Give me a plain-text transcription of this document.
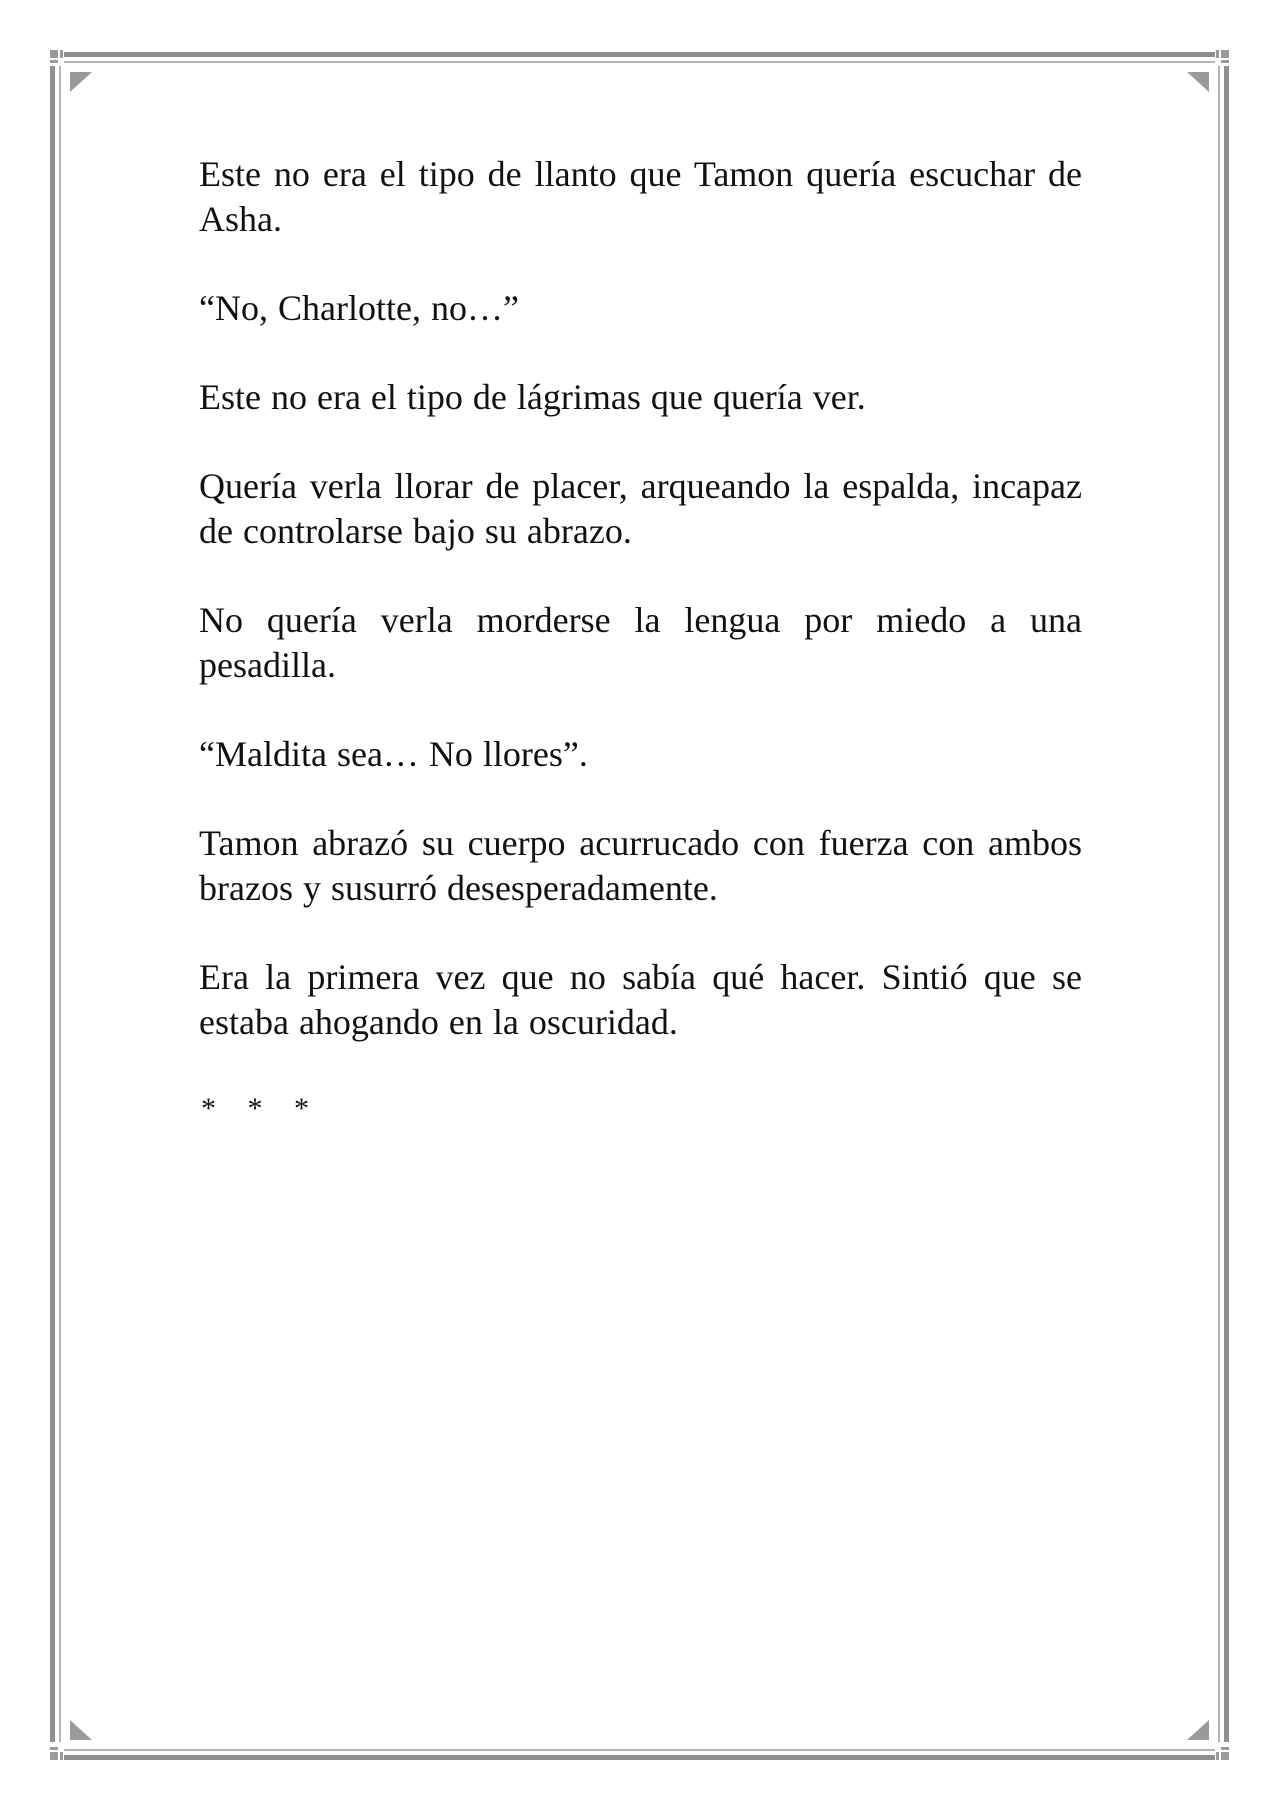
Este no era el tipo de llanto que Tamon quería escuchar de Asha.

“No, Charlotte, no…”

Este no era el tipo de lágrimas que quería ver.

Quería verla llorar de placer, arqueando la espalda, incapaz de controlarse bajo su abrazo.

No quería verla morderse la lengua por miedo a una pesadilla.

“Maldita sea… No llores”.

Tamon abrazó su cuerpo acurrucado con fuerza con ambos brazos y susurró desesperadamente.

Era la primera vez que no sabía qué hacer. Sintió que se estaba ahogando en la oscuridad.

* * *
